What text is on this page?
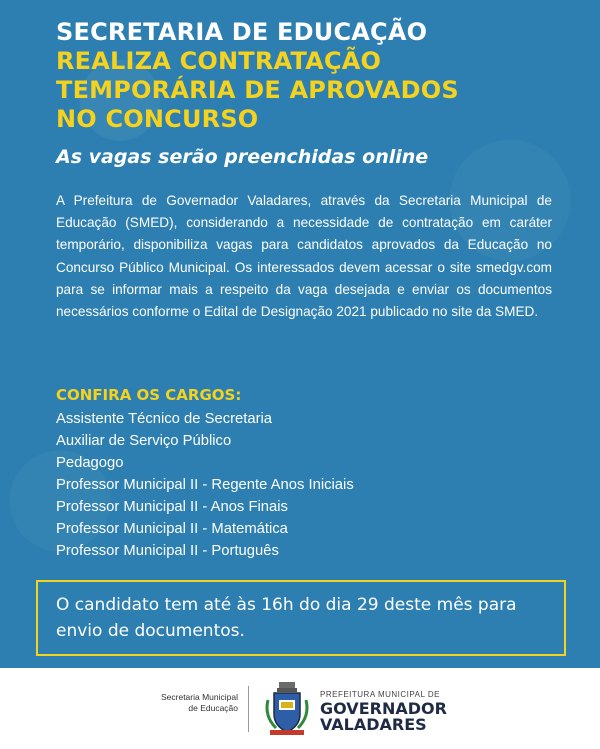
SECRETARIA DE EDUCAÇÃO
REALIZA CONTRATAÇÃO
TEMPORÁRIA DE APROVADOS
NO CONCURSO
As vagas serão preenchidas online
A Prefeitura de Governador Valadares, através da Secretaria Municipal de Educação (SMED), considerando a necessidade de contratação em caráter temporário, disponibiliza vagas para candidatos aprovados da Educação no Concurso Público Municipal. Os interessados devem acessar o site smedgv.com para se informar mais a respeito da vaga desejada e enviar os documentos necessários conforme o Edital de Designação 2021 publicado no site da SMED.
CONFIRA OS CARGOS:
Assistente Técnico de Secretaria
Auxiliar de Serviço Público
Pedagogo
Professor Municipal II - Regente Anos Iniciais
Professor Municipal II - Anos Finais
Professor Municipal II - Matemática
Professor Municipal II - Português
O candidato tem até às 16h do dia 29 deste mês para envio de documentos.
Secretaria Municipal
de Educação
PREFEITURA MUNICIPAL DE
GOVERNADOR
VALADARES
